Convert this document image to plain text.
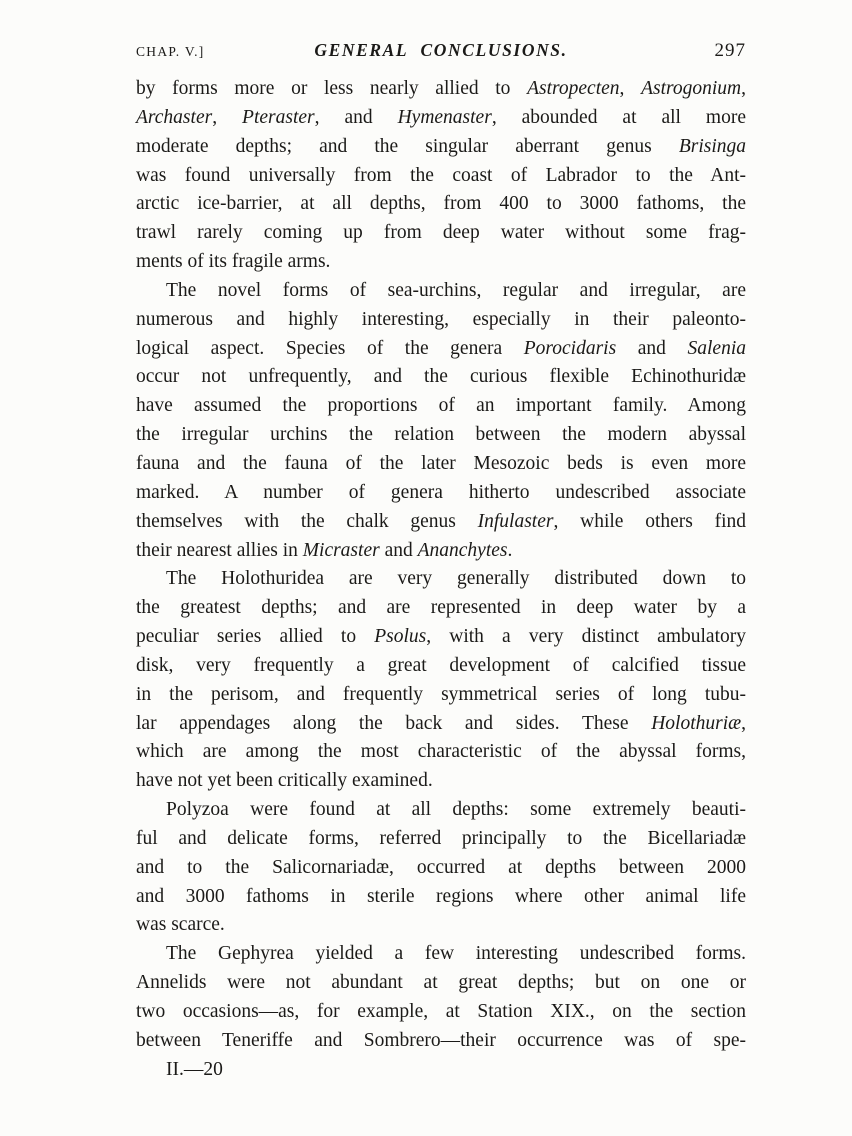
CHAP. V.]	GENERAL CONCLUSIONS.	297
by forms more or less nearly allied to Astropecten, Astrogonium,
Archaster, Pteraster, and Hymenaster, abounded at all more
moderate depths; and the singular aberrant genus Brisinga
was found universally from the coast of Labrador to the Ant-
arctic ice-barrier, at all depths, from 400 to 3000 fathoms, the
trawl rarely coming up from deep water without some frag-
ments of its fragile arms.
The novel forms of sea-urchins, regular and irregular, are
numerous and highly interesting, especially in their paleonto-
logical aspect. Species of the genera Porocidaris and Salenia
occur not unfrequently, and the curious flexible Echinothuridæ
have assumed the proportions of an important family. Among
the irregular urchins the relation between the modern abyssal
fauna and the fauna of the later Mesozoic beds is even more
marked. A number of genera hitherto undescribed associate
themselves with the chalk genus Infulaster, while others find
their nearest allies in Micraster and Ananchytes.
The Holothuridea are very generally distributed down to
the greatest depths; and are represented in deep water by a
peculiar series allied to Psolus, with a very distinct ambulatory
disk, very frequently a great development of calcified tissue
in the perisom, and frequently symmetrical series of long tubu-
lar appendages along the back and sides. These Holothuriæ,
which are among the most characteristic of the abyssal forms,
have not yet been critically examined.
Polyzoa were found at all depths: some extremely beauti-
ful and delicate forms, referred principally to the Bicellariadæ
and to the Salicornariadæ, occurred at depths between 2000
and 3000 fathoms in sterile regions where other animal life
was scarce.
The Gephyrea yielded a few interesting undescribed forms.
Annelids were not abundant at great depths; but on one or
two occasions—as, for example, at Station XIX., on the section
between Teneriffe and Sombrero—their occurrence was of spe-
II.—20
